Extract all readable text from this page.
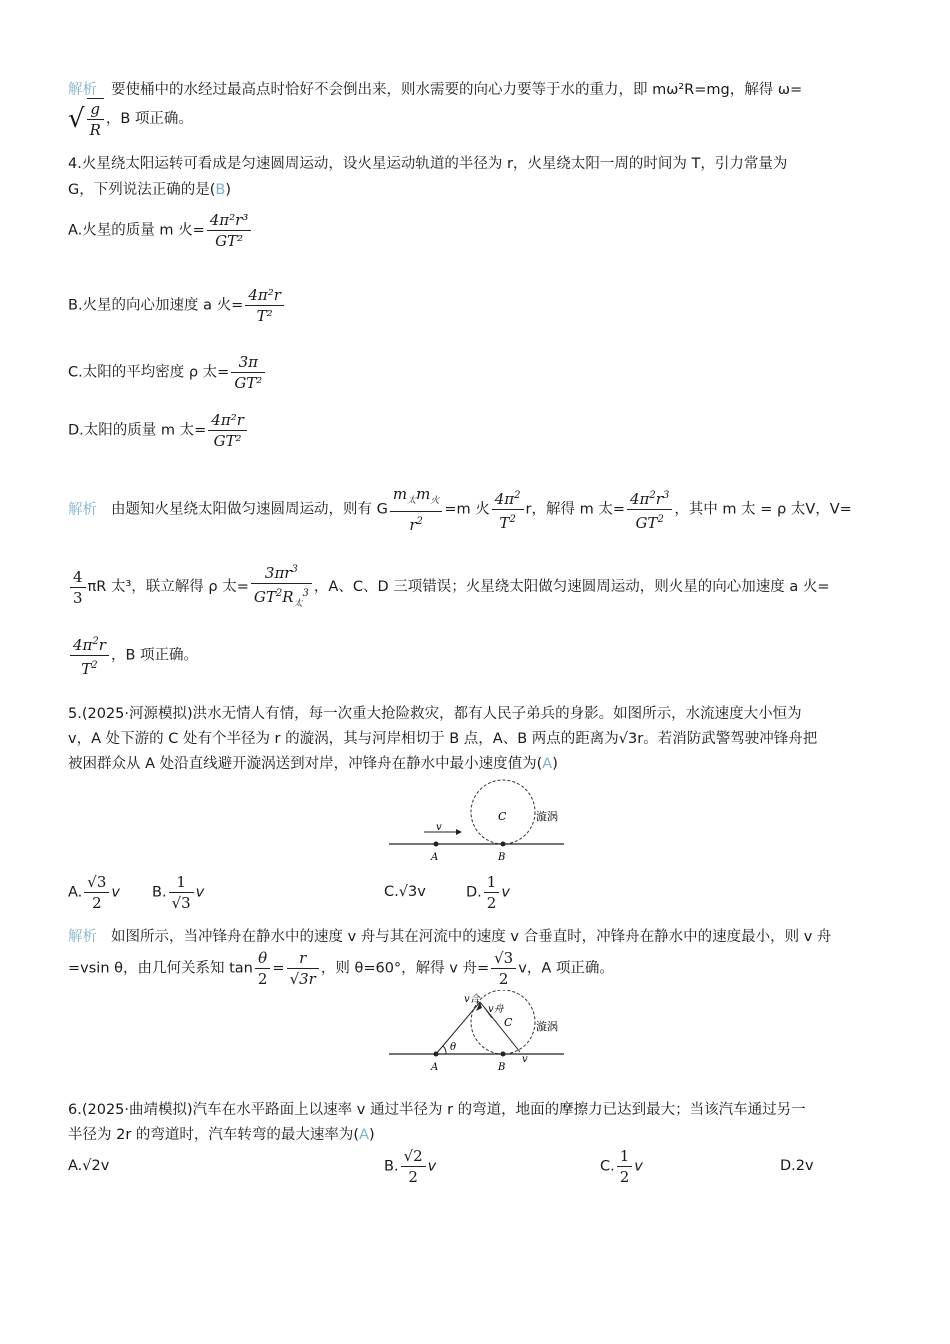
解析 要使桶中的水经过最高点时恰好不会倒出来，则水需要的向心力要等于水的重力，即 mω²R=mg，解得 ω=
√ $\frac{g}{R}$ ，B 项正确。
4.火星绕太阳运转可看成是匀速圆周运动，设火星运动轨道的半径为 r，火星绕太阳一周的时间为 T，引力常量为
G，下列说法正确的是(B)
A.火星的质量 m 火= $\frac{\text{4π²r³}}{\text{GT²}}$
B.火星的向心加速度 a 火= $\frac{\text{4π²r}}{\text{T²}}$
C.太阳的平均密度 ρ 太= $\frac{3\pi}{\text{GT²}}$
D.太阳的质量 m 太= $\frac{\text{4π²r}}{\text{GT²}}$
解析 由题知火星绕太阳做匀速圆周运动，则有 G
$m_太m_火$
$r^2$
=m 火 $\frac{4\pi^2}{T^2}$ r，解得 m 太= $\frac{4\pi^2r^3}{GT^2}$ ，其中 m 太 = ρ 太V，V=
$\frac{4}{3}$ πR 太³，联立解得 ρ 太=
$3\pi r^3$
$GT^2R_太^3$ ，A、C、D 三项错误；火星绕太阳做匀速圆周运动，则火星的向心加速度 a 火=
$\frac{4\pi^2r}{T^2}$ ，B 项正确。
5.(2025·河源模拟)洪水无情人有情，每一次重大抢险救灾，都有人民子弟兵的身影。如图所示，水流速度大小恒为
v，A 处下游的 C 处有个半径为 r 的漩涡，其与河岸相切于 B 点，A、B 两点的距离为√3r。若消防武警驾驶冲锋舟把
被困群众从 A 处沿直线避开漩涡送到对岸，冲锋舟在静水中最小速度值为(A)
v
C	漩涡
A	B
A. $\frac{√3}{2}$ v B. $\frac{1}{√3}$ v	C.√3v	D. $\frac{1}{2}$ v
解析 如图所示，当冲锋舟在静水中的速度 v 舟与其在河流中的速度 v 合垂直时，冲锋舟在静水中的速度最小，则 v 舟
=vsin θ，由几何关系知 $\tan \frac{\theta}{2} = \frac{r}{√3r}$ ，则 θ=60°，解得 v 舟= $\frac{√3}{2}$ v，A 项正确。
θ
v合
v舟
C 漩涡
A	B
v
6.(2025·曲靖模拟)汽车在水平路面上以速率 v 通过半径为 r 的弯道，地面的摩擦力已达到最大；当该汽车通过另一
半径为 2r 的弯道时，汽车转弯的最大速率为(A)
A.√2v	B. $\frac{√2}{2}$ v	C. $\frac{1}{2}$ v	D.2v
